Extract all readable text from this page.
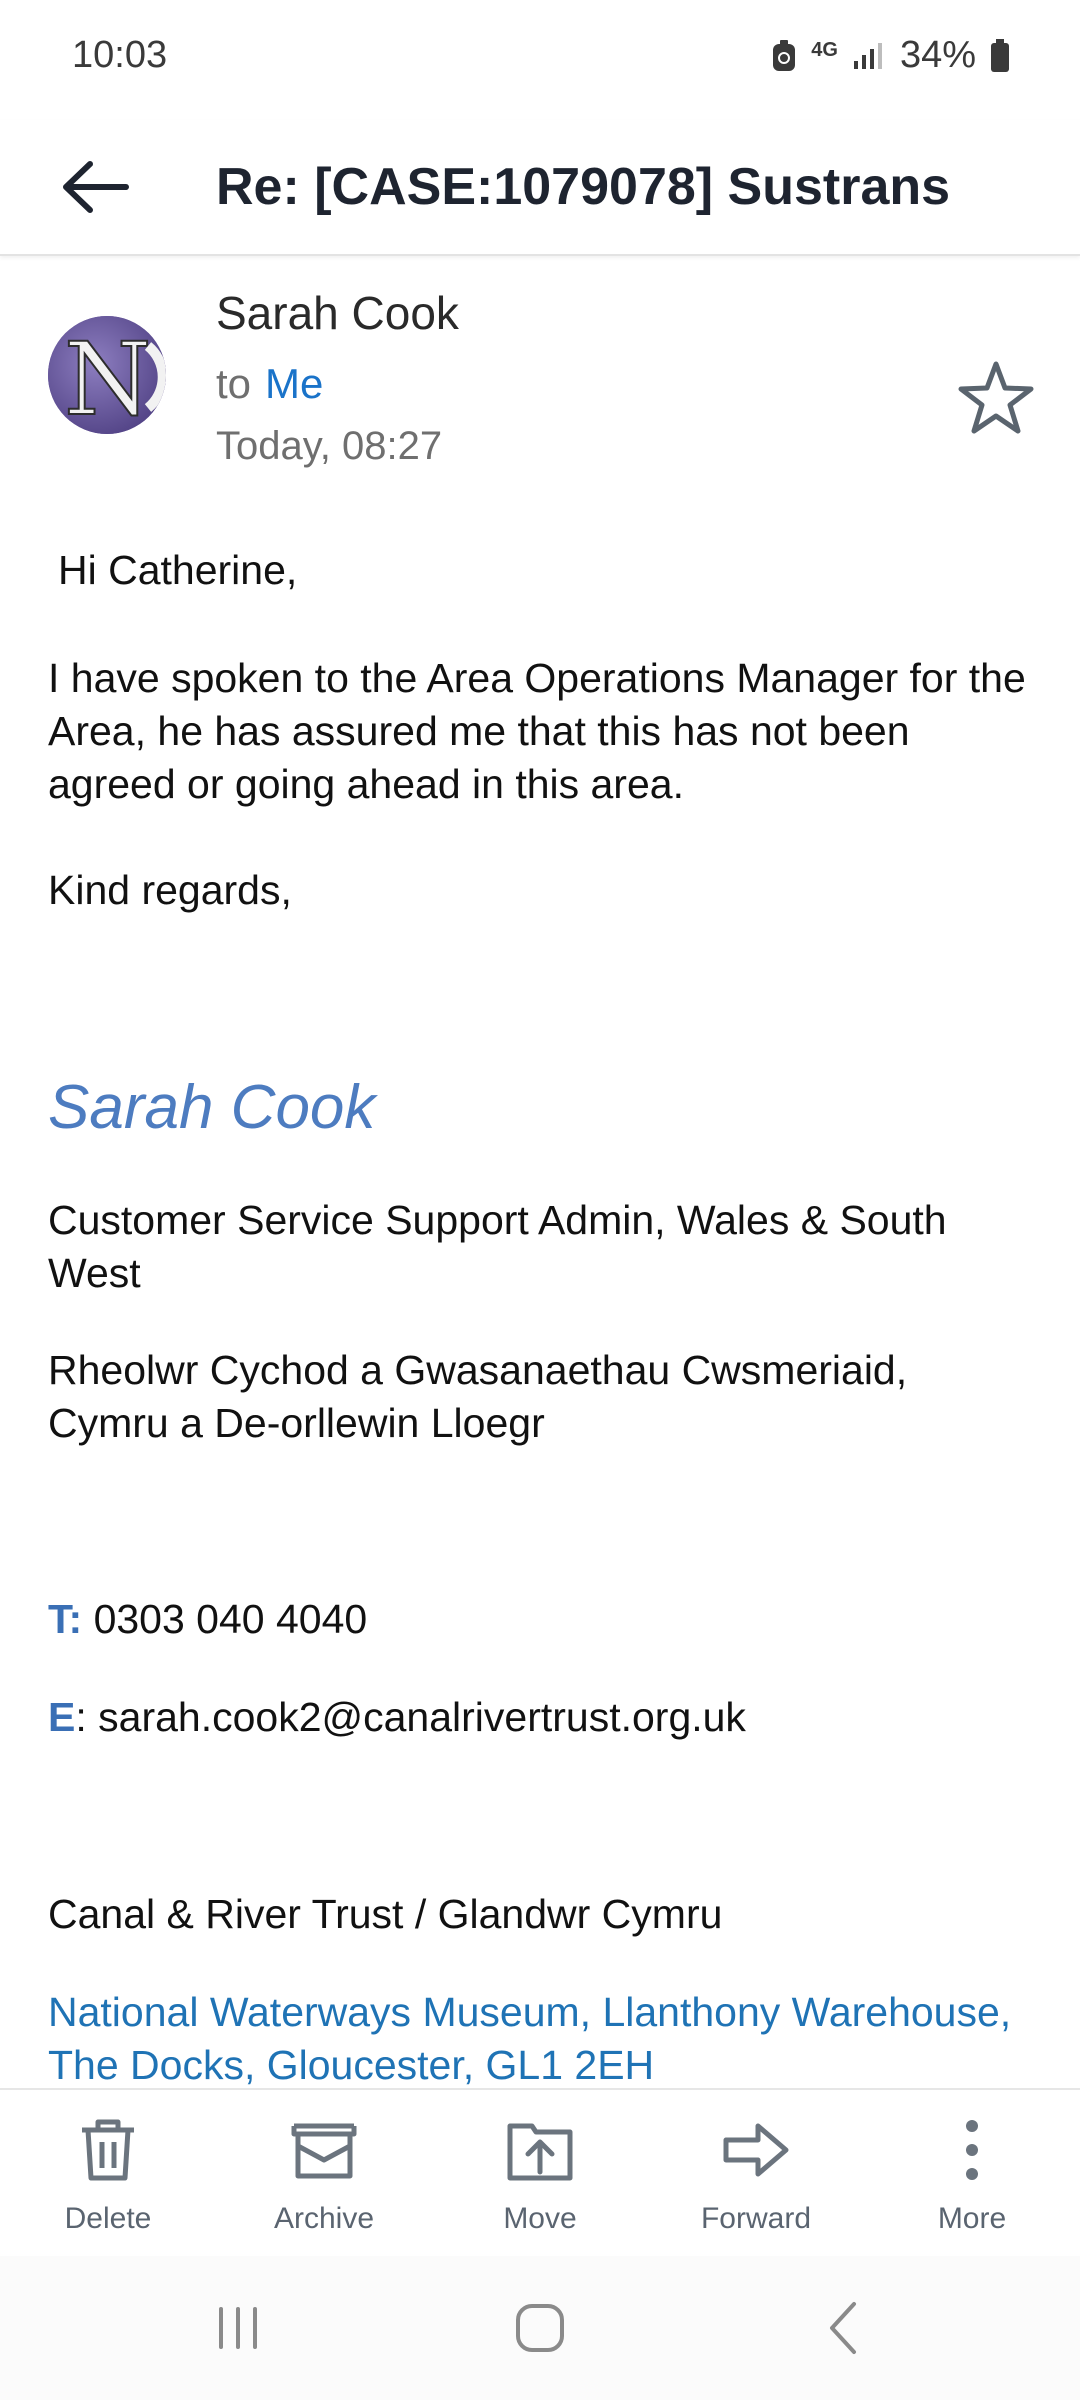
10:03	4G 34%
Re: [CASE:1079078] Sustrans
N
Sarah Cook
to Me
Today, 08:27
Hi Catherine,
I have spoken to the Area Operations Manager for the Area, he has assured me that this has not been agreed or going ahead in this area.
Kind regards,
Sarah Cook
Customer Service Support Admin, Wales & South West
Rheolwr Cychod a Gwasanaethau Cwsmeriaid, Cymru a De-orllewin Lloegr
T: 0303 040 4040
E: sarah.cook2@canalrivertrust.org.uk
Canal & River Trust / Glandwr Cymru
National Waterways Museum, Llanthony Warehouse, The Docks, Gloucester, GL1 2EH
Delete	Archive	Move	Forward	More
